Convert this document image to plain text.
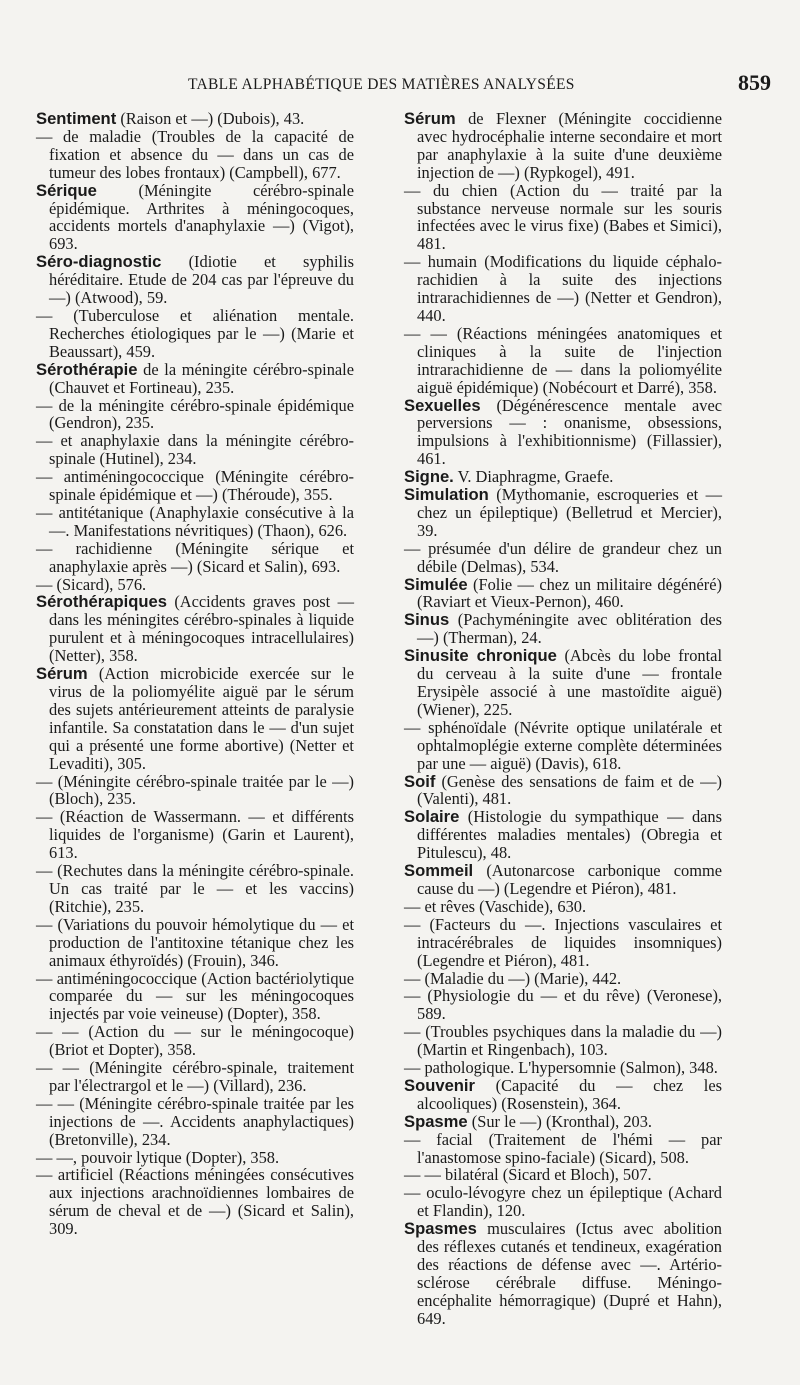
TABLE ALPHABÉTIQUE DES MATIÈRES ANALYSÉES	859

Sentiment (Raison et —) (Dubois), 43.

— de maladie (Troubles de la capacité de fixation et absence du — dans un cas de tumeur des lobes frontaux) (Campbell), 677.

Sérique (Méningite cérébro-spinale épidémique. Arthrites à méningocoques, accidents mortels d'anaphylaxie —) (Vigot), 693.

Séro-diagnostic (Idiotie et syphilis héréditaire. Etude de 204 cas par l'épreuve du —) (Atwood), 59.

— (Tuberculose et aliénation mentale. Recherches étiologiques par le —) (Marie et Beaussart), 459.

Sérothérapie de la méningite cérébro-spinale (Chauvet et Fortineau), 235.

— de la méningite cérébro-spinale épidémique (Gendron), 235.

— et anaphylaxie dans la méningite cérébro-spinale (Hutinel), 234.

— antiméningococcique (Méningite cérébro-spinale épidémique et —) (Théroude), 355.

— antitétanique (Anaphylaxie consécutive à la —. Manifestations névritiques) (Thaon), 626.

— rachidienne (Méningite sérique et anaphylaxie après —) (Sicard et Salin), 693.

— (Sicard), 576.

Sérothérapiques (Accidents graves post — dans les méningites cérébro-spinales à liquide purulent et à méningocoques intracellulaires) (Netter), 358.

Sérum (Action microbicide exercée sur le virus de la poliomyélite aiguë par le sérum des sujets antérieurement atteints de paralysie infantile. Sa constatation dans le — d'un sujet qui a présenté une forme abortive) (Netter et Levaditi), 305.

— (Méningite cérébro-spinale traitée par le —) (Bloch), 235.

— (Réaction de Wassermann. — et différents liquides de l'organisme) (Garin et Laurent), 613.

— (Rechutes dans la méningite cérébro-spinale. Un cas traité par le — et les vaccins) (Ritchie), 235.

— (Variations du pouvoir hémolytique du — et production de l'antitoxine tétanique chez les animaux éthyroïdés) (Frouin), 346.

— antiméningococcique (Action bactériolytique comparée du — sur les méningocoques injectés par voie veineuse) (Dopter), 358.

— — (Action du — sur le méningocoque) (Briot et Dopter), 358.

— — (Méningite cérébro-spinale, traitement par l'électrargol et le —) (Villard), 236.

— — (Méningite cérébro-spinale traitée par les injections de —. Accidents anaphylactiques) (Bretonville), 234.

— —, pouvoir lytique (Dopter), 358.

— artificiel (Réactions méningées consécutives aux injections arachnoïdiennes lombaires de sérum de cheval et de —) (Sicard et Salin), 309.

Sérum de Flexner (Méningite coccidienne avec hydrocéphalie interne secondaire et mort par anaphylaxie à la suite d'une deuxième injection de —) (Rypkogel), 491.

— du chien (Action du — traité par la substance nerveuse normale sur les souris infectées avec le virus fixe) (Babes et Simici), 481.

— humain (Modifications du liquide céphalo-rachidien à la suite des injections intrarachidiennes de —) (Netter et Gendron), 440.

— — (Réactions méningées anatomiques et cliniques à la suite de l'injection intrarachidienne de — dans la poliomyélite aiguë épidémique) (Nobécourt et Darré), 358.

Sexuelles (Dégénérescence mentale avec perversions — : onanisme, obsessions, impulsions à l'exhibitionnisme) (Fillassier), 461.

Signe. V. Diaphragme, Graefe.

Simulation (Mythomanie, escroqueries et — chez un épileptique) (Belletrud et Mercier), 39.

— présumée d'un délire de grandeur chez un débile (Delmas), 534.

Simulée (Folie — chez un militaire dégénéré) (Raviart et Vieux-Pernon), 460.

Sinus (Pachyméningite avec oblitération des —) (Therman), 24.

Sinusite chronique (Abcès du lobe frontal du cerveau à la suite d'une — frontale Erysipèle associé à une mastoïdite aiguë) (Wiener), 225.

— sphénoïdale (Névrite optique unilatérale et ophtalmoplégie externe complète déterminées par une — aiguë) (Davis), 618.

Soif (Genèse des sensations de faim et de —) (Valenti), 481.

Solaire (Histologie du sympathique — dans différentes maladies mentales) (Obregia et Pitulescu), 48.

Sommeil (Autonarcose carbonique comme cause du —) (Legendre et Piéron), 481.

— et rêves (Vaschide), 630.

— (Facteurs du —. Injections vasculaires et intracérébrales de liquides insomniques) (Legendre et Piéron), 481.

— (Maladie du —) (Marie), 442.

— (Physiologie du — et du rêve) (Veronese), 589.

— (Troubles psychiques dans la maladie du —) (Martin et Ringenbach), 103.

— pathologique. L'hypersomnie (Salmon), 348.

Souvenir (Capacité du — chez les alcooliques) (Rosenstein), 364.

Spasme (Sur le —) (Kronthal), 203.

— facial (Traitement de l'hémi — par l'anastomose spino-faciale) (Sicard), 508.

— — bilatéral (Sicard et Bloch), 507.

— oculo-lévogyre chez un épileptique (Achard et Flandin), 120.

Spasmes musculaires (Ictus avec abolition des réflexes cutanés et tendineux, exagération des réactions de défense avec —. Artério-sclérose cérébrale diffuse. Méningo-encéphalite hémorragique) (Dupré et Hahn), 649.
